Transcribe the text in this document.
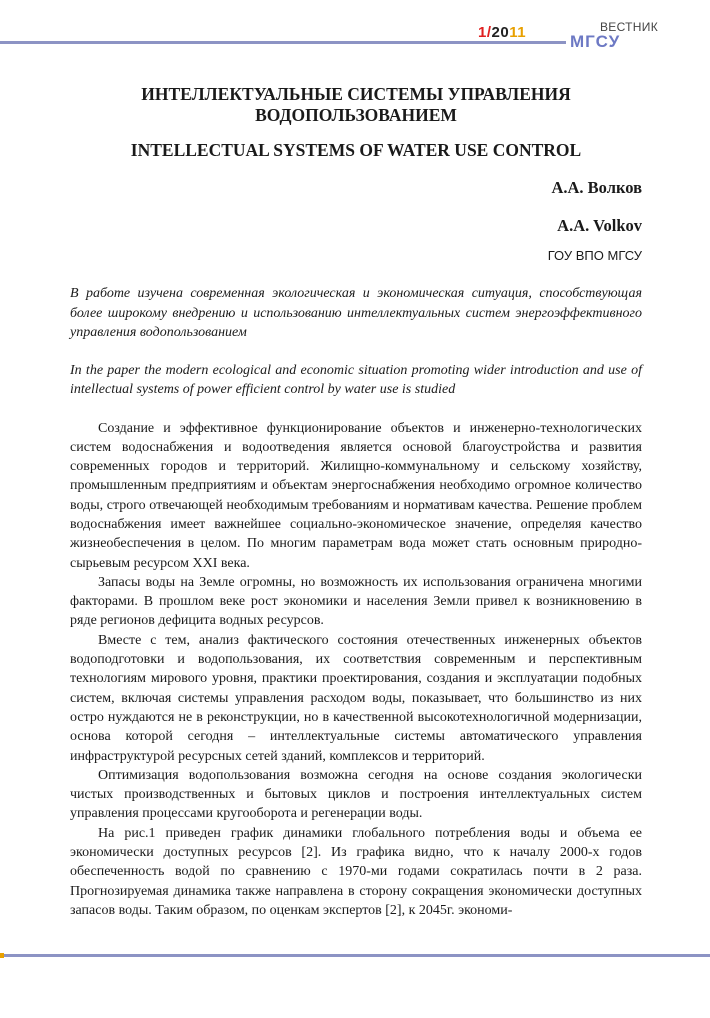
1/2011	ВЕСТНИК
МГСУ
ИНТЕЛЛЕКТУАЛЬНЫЕ СИСТЕМЫ УПРАВЛЕНИЯ ВОДОПОЛЬЗОВАНИЕМ
INTELLECTUAL SYSTEMS OF WATER USE CONTROL
А.А. Волков
A.A. Volkov
ГОУ ВПО МГСУ

В работе изучена современная экологическая и экономическая ситуация, способствующая более широкому внедрению и использованию интеллектуальных систем энергоэффективного управления водопользованием

In the paper the modern ecological and economic situation promoting wider introduction and use of intellectual systems of power efficient control by water use is studied

Создание и эффективное функционирование объектов и инженерно-технологических систем водоснабжения и водоотведения является основой благоустройства и развития современных городов и территорий. Жилищно-коммунальному и сельскому хозяйству, промышленным предприятиям и объектам энергоснабжения необходимо огромное количество воды, строго отвечающей необходимым требованиям и нормативам качества. Решение проблем водоснабжения имеет важнейшее социально-экономическое значение, определяя качество жизнеобеспечения в целом. По многим параметрам вода может стать основным природно-сырьевым ресурсом XXI века.

Запасы воды на Земле огромны, но возможность их использования ограничена многими факторами. В прошлом веке рост экономики и населения Земли привел к возникновению в ряде регионов дефицита водных ресурсов.

Вместе с тем, анализ фактического состояния отечественных инженерных объектов водоподготовки и водопользования, их соответствия современным и перспективным технологиям мирового уровня, практики проектирования, создания и эксплуатации подобных систем, включая системы управления расходом воды, показывает, что большинство из них остро нуждаются не в реконструкции, но в качественной высокотехнологичной модернизации, основа которой сегодня – интеллектуальные системы автоматического управления инфраструктурой ресурсных сетей зданий, комплексов и территорий.

Оптимизация водопользования возможна сегодня на основе создания экологически чистых производственных и бытовых циклов и построения интеллектуальных систем управления процессами кругооборота и регенерации воды.

На рис.1 приведен график динамики глобального потребления воды и объема ее экономически доступных ресурсов [2]. Из графика видно, что к началу 2000-х годов обеспеченность водой по сравнению с 1970-ми годами сократилась почти в 2 раза. Прогнозируемая динамика также направлена в сторону сокращения экономически доступных запасов воды. Таким образом, по оценкам экспертов [2], к 2045г. экономи-
